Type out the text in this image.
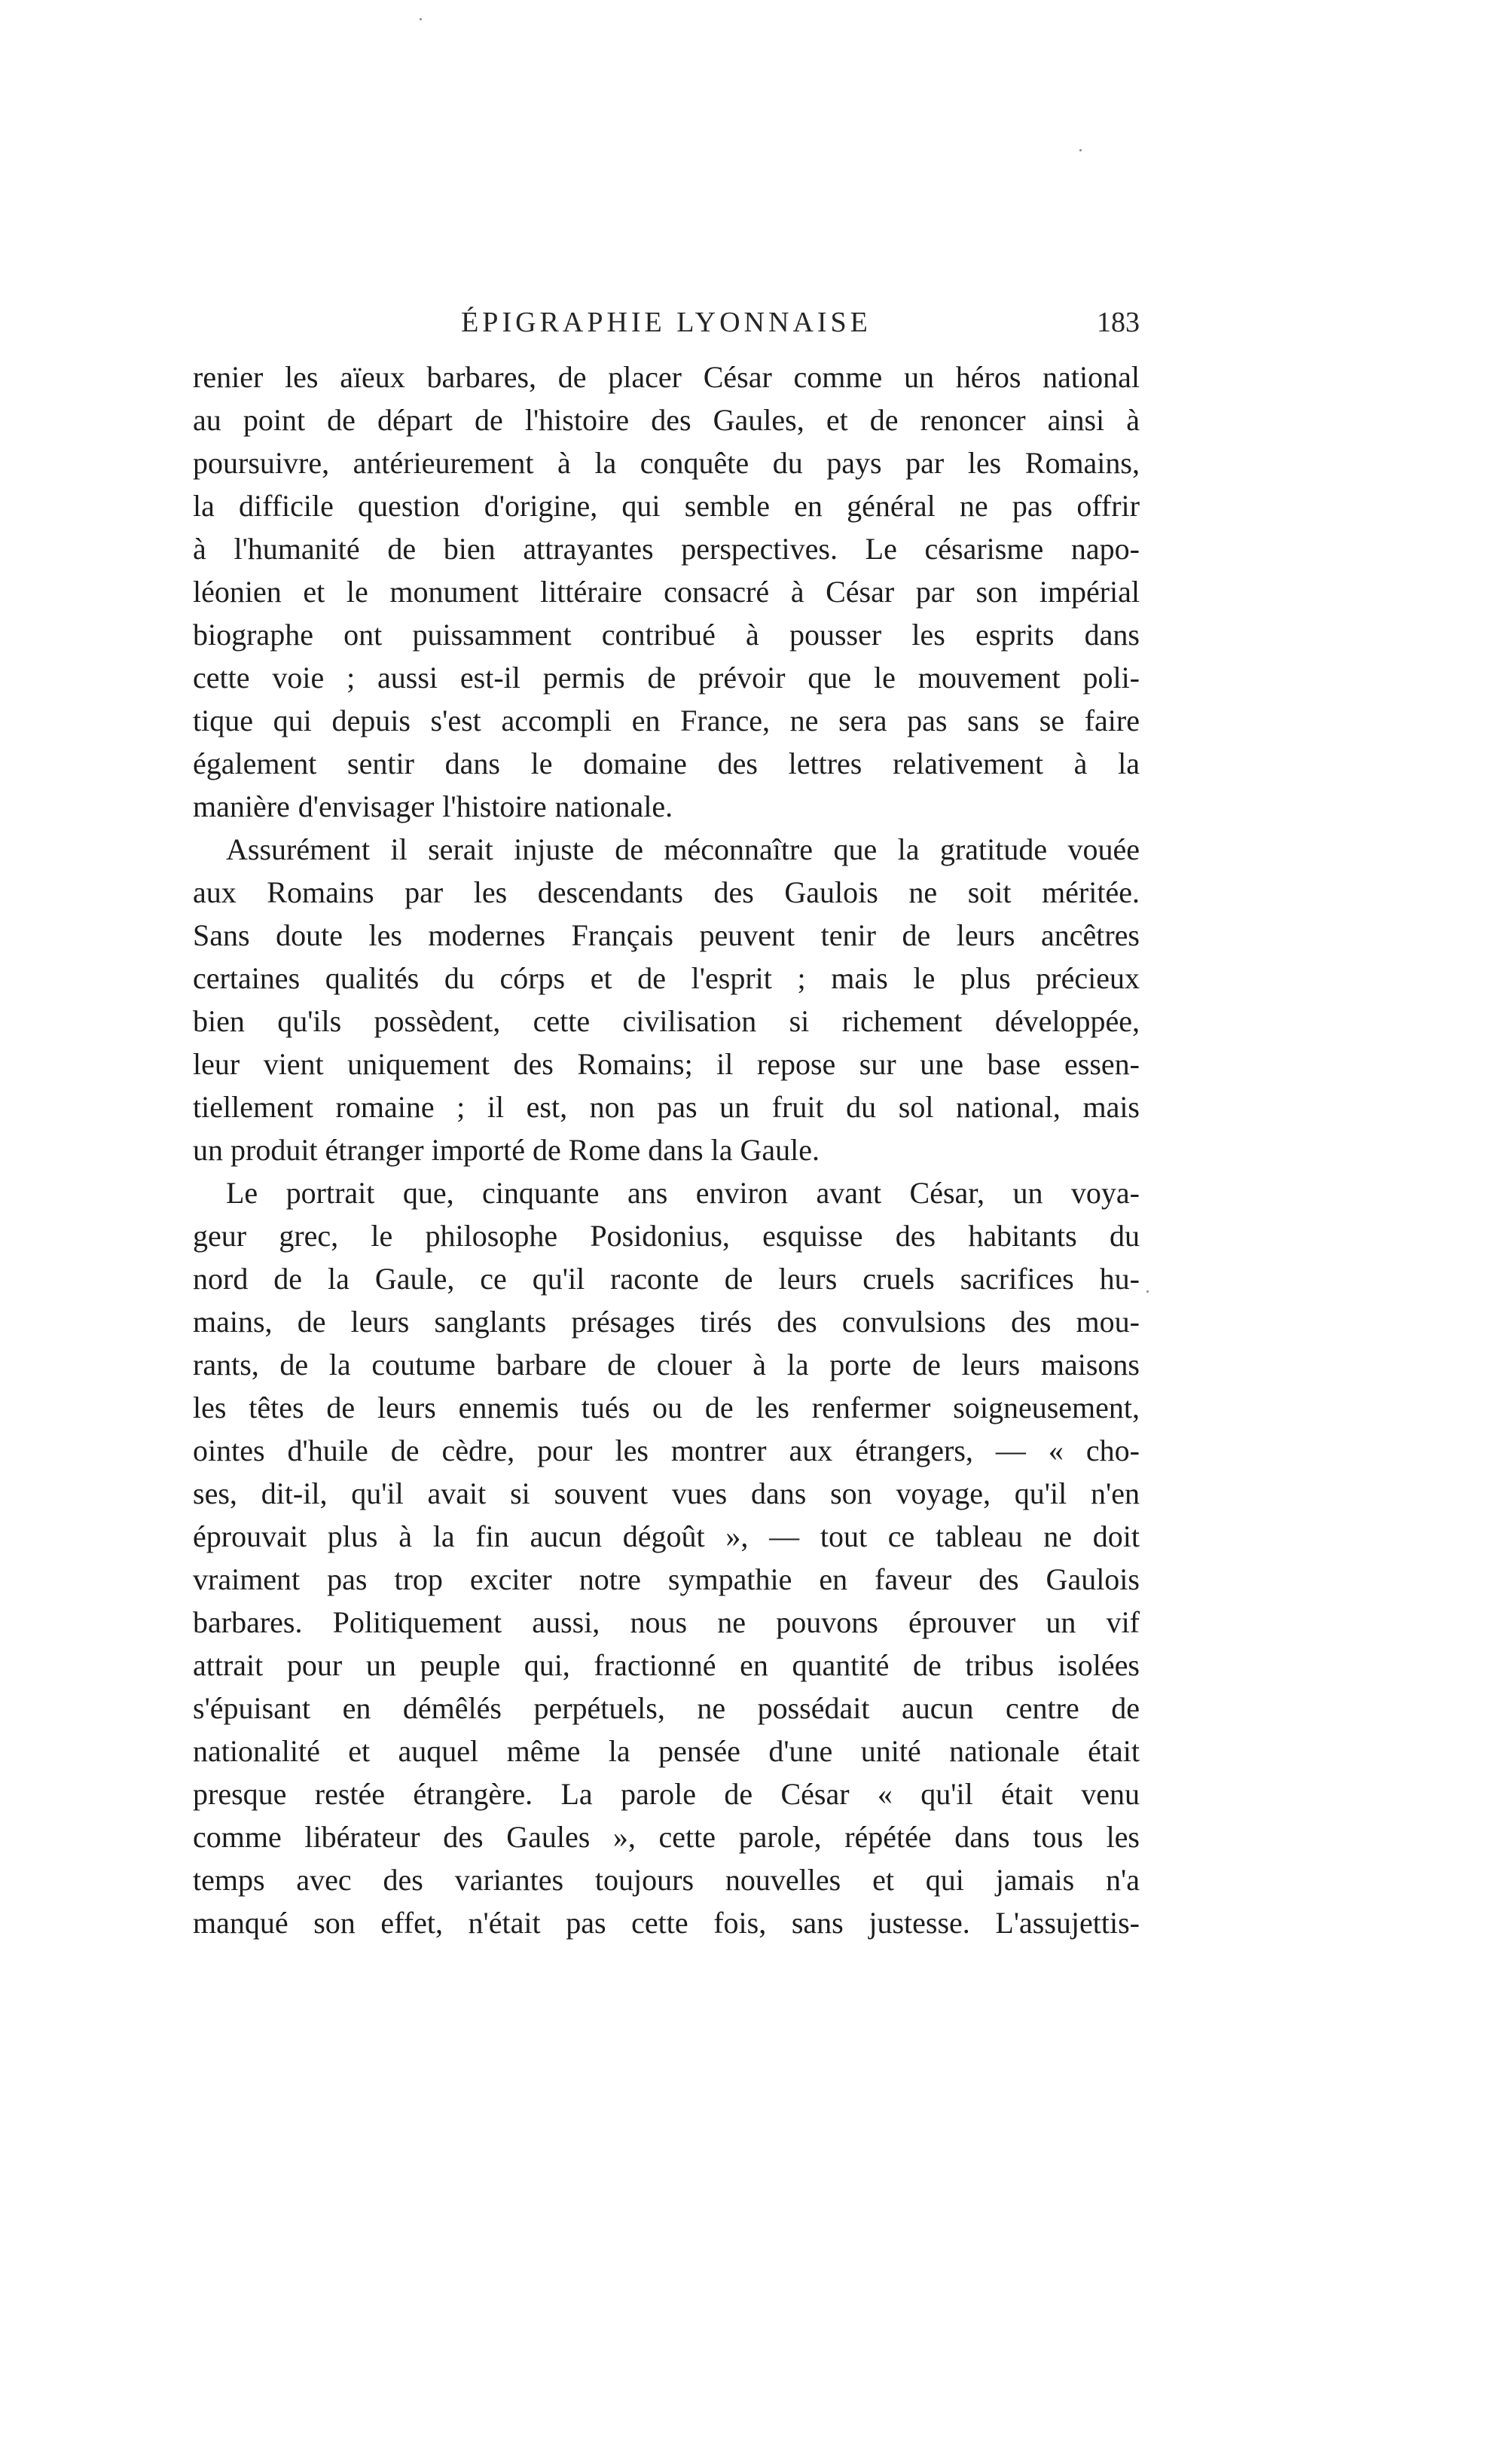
ÉPIGRAPHIE LYONNAISE	183
renier les aïeux barbares, de placer César comme un héros national
au point de départ de l'histoire des Gaules, et de renoncer ainsi à
poursuivre, antérieurement à la conquête du pays par les Romains,
la difficile question d'origine, qui semble en général ne pas offrir
à l'humanité de bien attrayantes perspectives. Le césarisme napo-
léonien et le monument littéraire consacré à César par son impérial
biographe ont puissamment contribué à pousser les esprits dans
cette voie ; aussi est-il permis de prévoir que le mouvement poli-
tique qui depuis s'est accompli en France, ne sera pas sans se faire
également sentir dans le domaine des lettres relativement à la
manière d'envisager l'histoire nationale.
Assurément il serait injuste de méconnaître que la gratitude vouée
aux Romains par les descendants des Gaulois ne soit méritée.
Sans doute les modernes Français peuvent tenir de leurs ancêtres
certaines qualités du córps et de l'esprit ; mais le plus précieux
bien qu'ils possèdent, cette civilisation si richement développée,
leur vient uniquement des Romains; il repose sur une base essen-
tiellement romaine ; il est, non pas un fruit du sol national, mais
un produit étranger importé de Rome dans la Gaule.
Le portrait que, cinquante ans environ avant César, un voya-
geur grec, le philosophe Posidonius, esquisse des habitants du
nord de la Gaule, ce qu'il raconte de leurs cruels sacrifices hu-
mains, de leurs sanglants présages tirés des convulsions des mou-
rants, de la coutume barbare de clouer à la porte de leurs maisons
les têtes de leurs ennemis tués ou de les renfermer soigneusement,
ointes d'huile de cèdre, pour les montrer aux étrangers, — « cho-
ses, dit-il, qu'il avait si souvent vues dans son voyage, qu'il n'en
éprouvait plus à la fin aucun dégoût », — tout ce tableau ne doit
vraiment pas trop exciter notre sympathie en faveur des Gaulois
barbares. Politiquement aussi, nous ne pouvons éprouver un vif
attrait pour un peuple qui, fractionné en quantité de tribus isolées
s'épuisant en démêlés perpétuels, ne possédait aucun centre de
nationalité et auquel même la pensée d'une unité nationale était
presque restée étrangère. La parole de César « qu'il était venu
comme libérateur des Gaules », cette parole, répétée dans tous les
temps avec des variantes toujours nouvelles et qui jamais n'a
manqué son effet, n'était pas cette fois, sans justesse. L'assujettis-
